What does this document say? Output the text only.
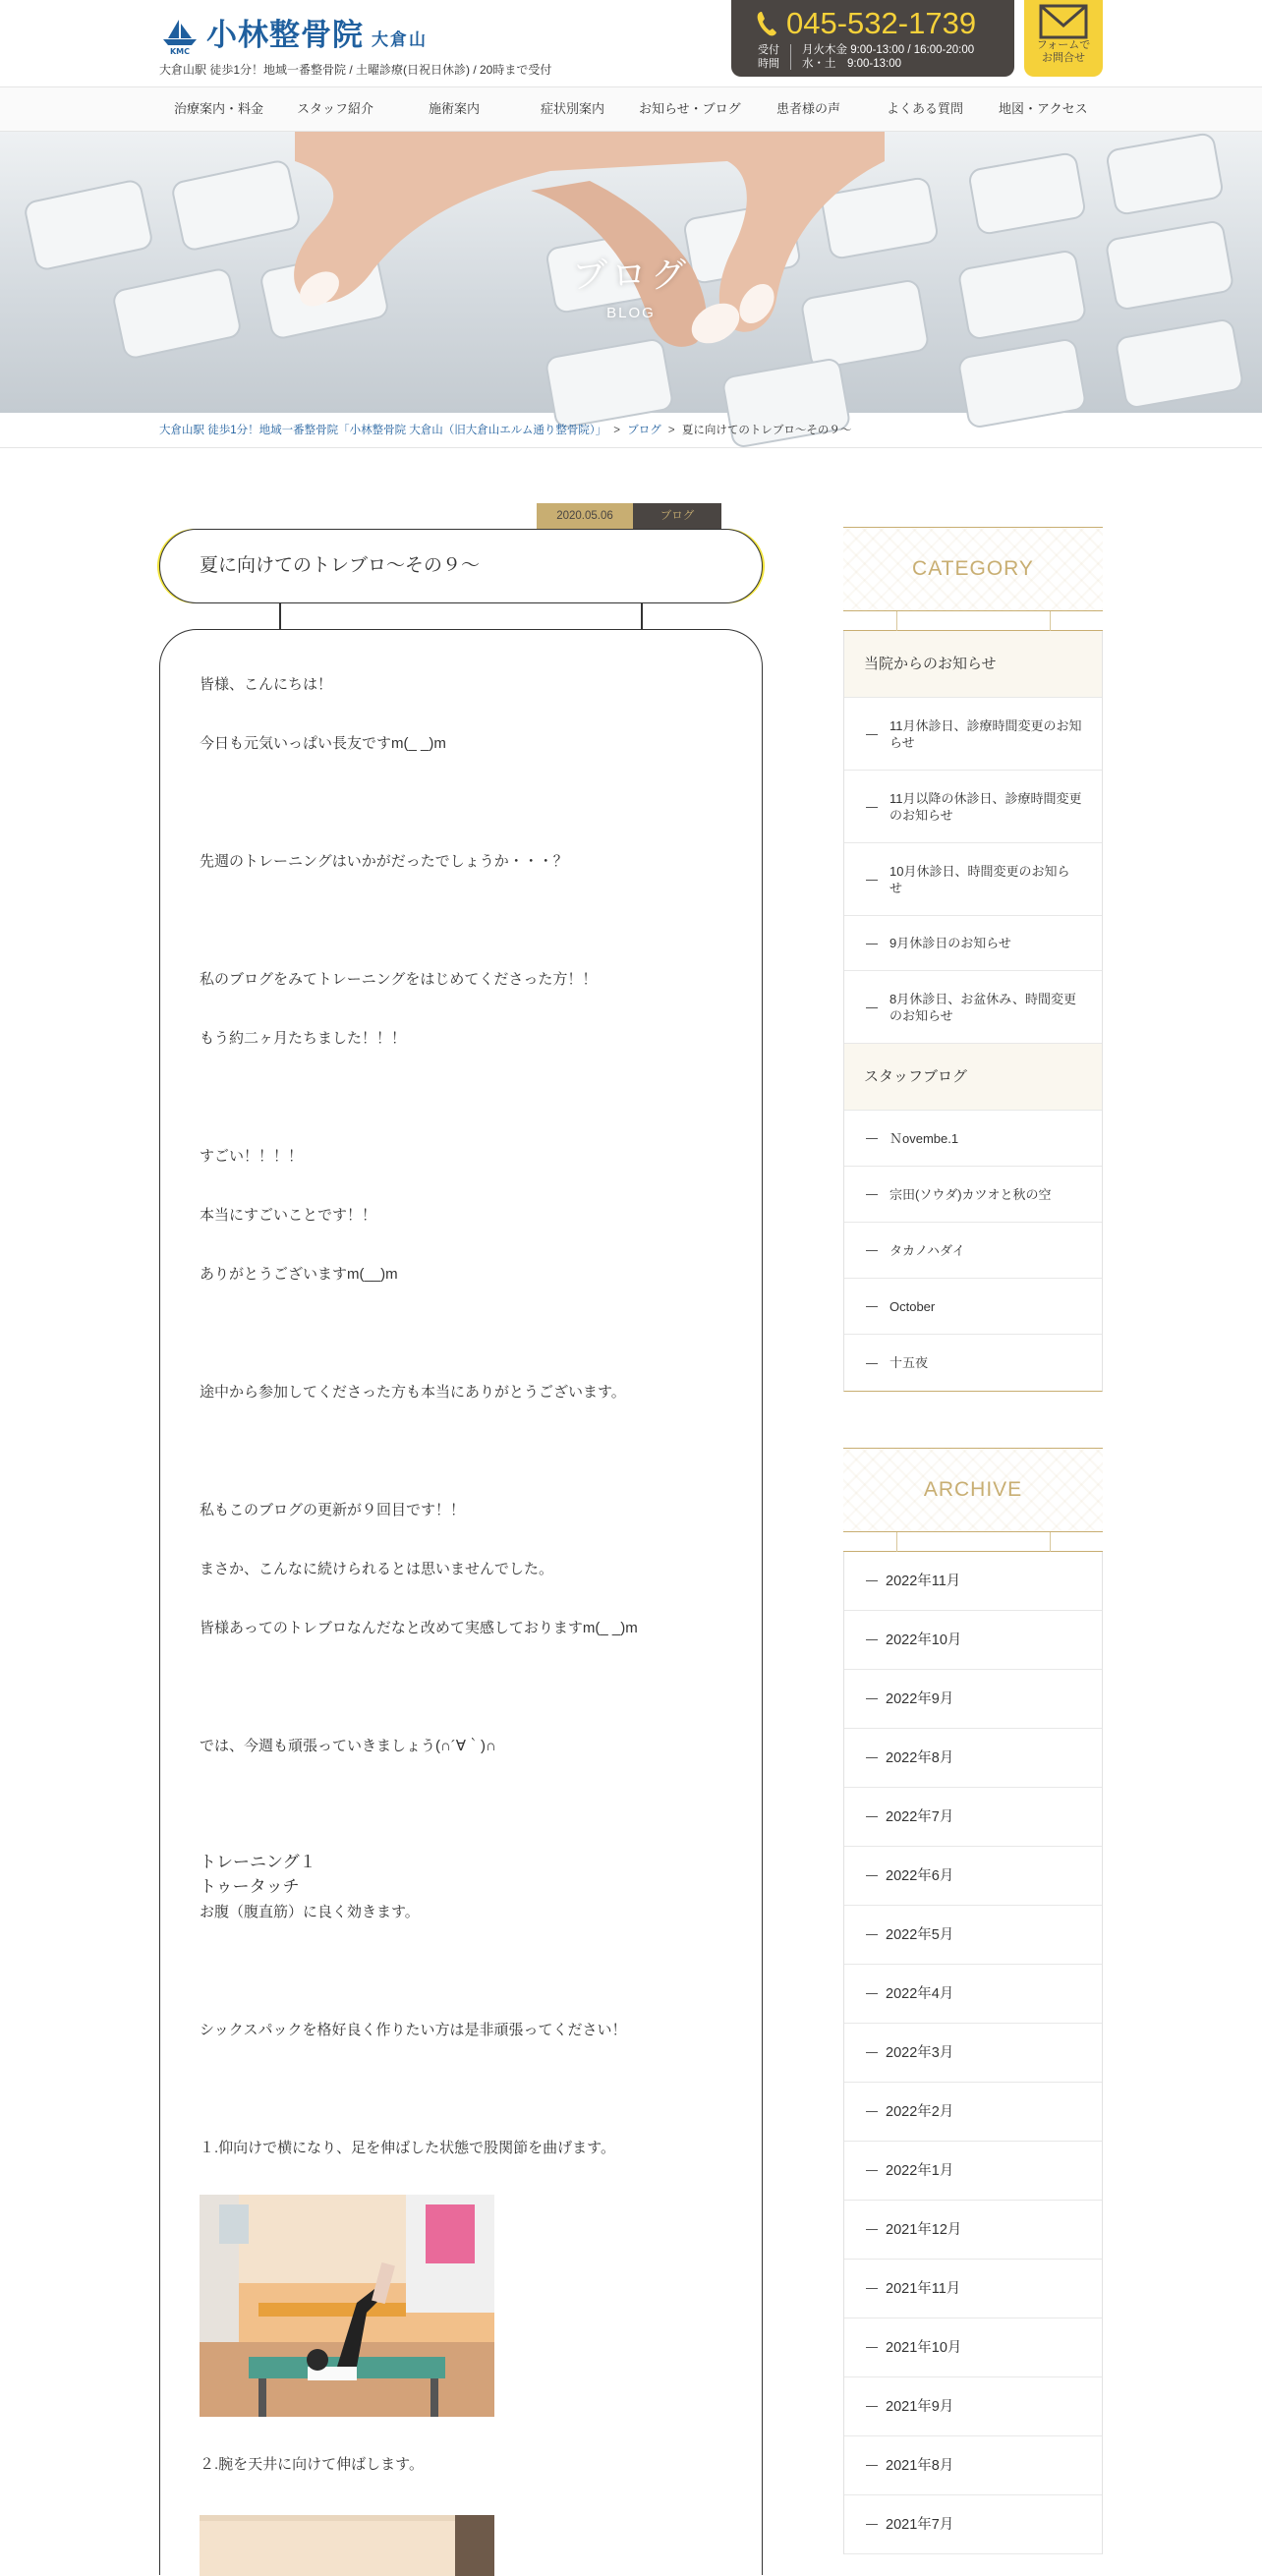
KMC 小林整骨院 大倉山
大倉山駅 徒歩1分！地域一番整骨院 / 土曜診療(日祝日休診) / 20時まで受付
045-532-1739
受付 時間
月火木金 9:00-13:00 / 16:00-20:00
水・土　9:00-13:00
フォームで
お問合せ
治療案内・料金	スタッフ紹介	施術案内	症状別案内	お知らせ・ブログ	患者様の声	よくある質問	地図・アクセス
ブログ
BLOG
大倉山駅 徒歩1分！地域一番整骨院「小林整骨院 大倉山（旧大倉山エルム通り整骨院）」 > ブログ > 夏に向けてのトレブロ～その９～
2020.05.06	ブログ
夏に向けてのトレブロ～その９～
皆様、こんにちは！
今日も元気いっぱい長友ですm(_ _)m
先週のトレーニングはいかがだったでしょうか・・・？
私のブログをみてトレーニングをはじめてくださった方！！
もう約二ヶ月たちました！！！
すごい！！！！
本当にすごいことです！！
ありがとうございますm(__)m
途中から参加してくださった方も本当にありがとうございます。
私もこのブログの更新が９回目です！！
まさか、こんなに続けられるとは思いませんでした。
皆様あってのトレブロなんだなと改めて実感しておりますm(_ _)m
では、今週も頑張っていきましょう(∩´∀｀)∩
トレーニング１
トゥータッチ
お腹（腹直筋）に良く効きます。
シックスパックを格好良く作りたい方は是非頑張ってください！
１.仰向けで横になり、足を伸ばした状態で股関節を曲げます。
２.腕を天井に向けて伸ばします。
CATEGORY
当院からのお知らせ
11月休診日、診療時間変更のお知らせ
11月以降の休診日、診療時間変更のお知らせ
10月休診日、時間変更のお知らせ
9月休診日のお知らせ
8月休診日、お盆休み、時間変更のお知らせ
スタッフブログ
Ｎovembe.1
宗田(ソウダ)カツオと秋の空
タカノハダイ
October
十五夜
ARCHIVE
2022年11月
2022年10月
2022年9月
2022年8月
2022年7月
2022年6月
2022年5月
2022年4月
2022年3月
2022年2月
2022年1月
2021年12月
2021年11月
2021年10月
2021年9月
2021年8月
2021年7月
